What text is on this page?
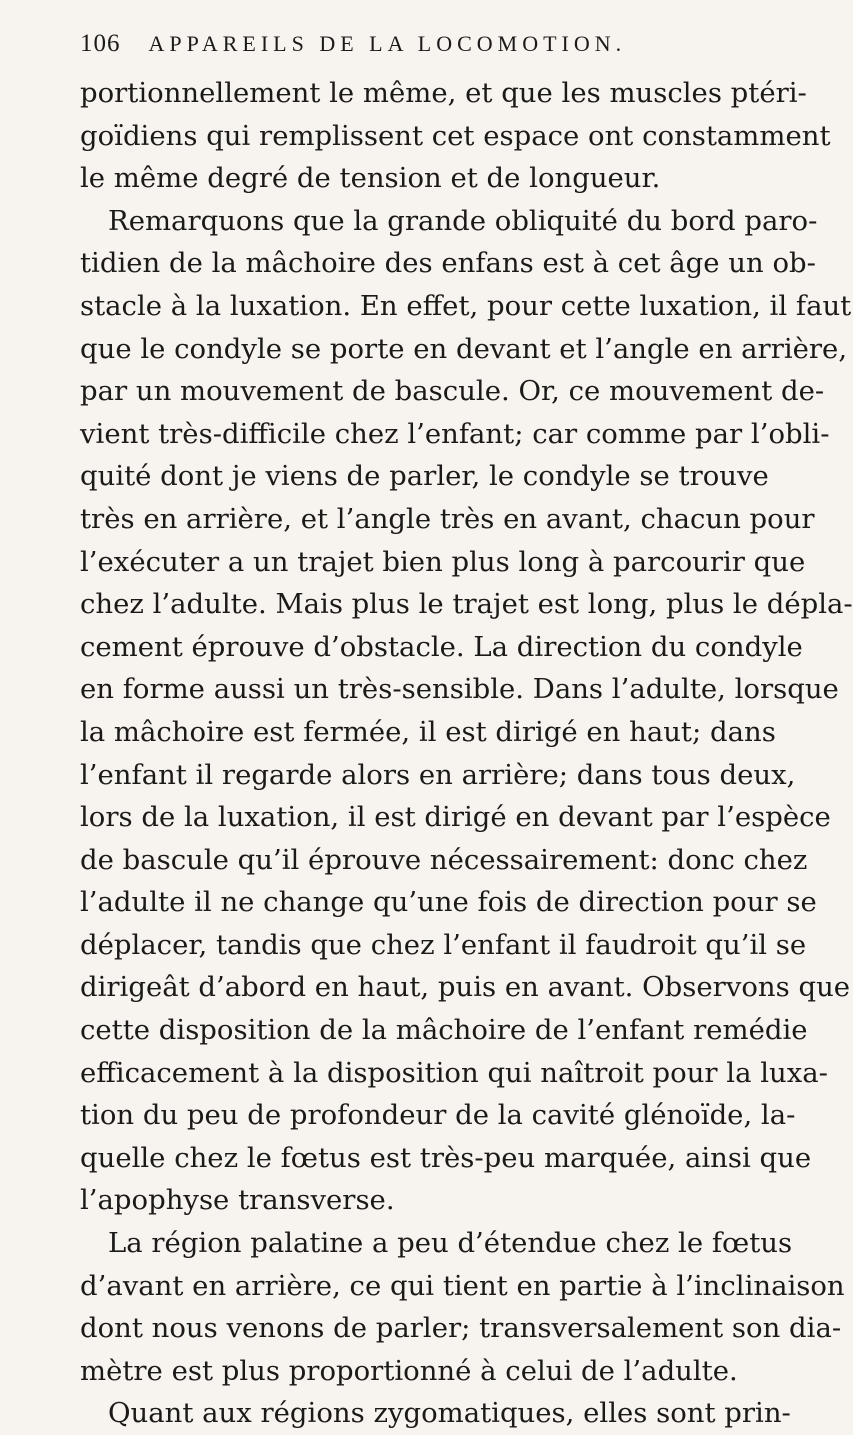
106 APPAREILS DE LA LOCOMOTION.
portionnellement le même, et que les muscles ptéri-
goïdiens qui remplissent cet espace ont constamment
le même degré de tension et de longueur.
Remarquons que la grande obliquité du bord paro-
tidien de la mâchoire des enfans est à cet âge un ob-
stacle à la luxation. En effet, pour cette luxation, il faut
que le condyle se porte en devant et l’angle en arrière,
par un mouvement de bascule. Or, ce mouvement de-
vient très-difficile chez l’enfant; car comme par l’obli-
quité dont je viens de parler, le condyle se trouve
très en arrière, et l’angle très en avant, chacun pour
l’exécuter a un trajet bien plus long à parcourir que
chez l’adulte. Mais plus le trajet est long, plus le dépla-
cement éprouve d’obstacle. La direction du condyle
en forme aussi un très-sensible. Dans l’adulte, lorsque
la mâchoire est fermée, il est dirigé en haut; dans
l’enfant il regarde alors en arrière; dans tous deux,
lors de la luxation, il est dirigé en devant par l’espèce
de bascule qu’il éprouve nécessairement: donc chez
l’adulte il ne change qu’une fois de direction pour se
déplacer, tandis que chez l’enfant il faudroit qu’il se
dirigeât d’abord en haut, puis en avant. Observons que
cette disposition de la mâchoire de l’enfant remédie
efficacement à la disposition qui naîtroit pour la luxa-
tion du peu de profondeur de la cavité glénoïde, la-
quelle chez le fœtus est très-peu marquée, ainsi que
l’apophyse transverse.
La région palatine a peu d’étendue chez le fœtus
d’avant en arrière, ce qui tient en partie à l’inclinaison
dont nous venons de parler; transversalement son dia-
mètre est plus proportionné à celui de l’adulte.
Quant aux régions zygomatiques, elles sont prin-
